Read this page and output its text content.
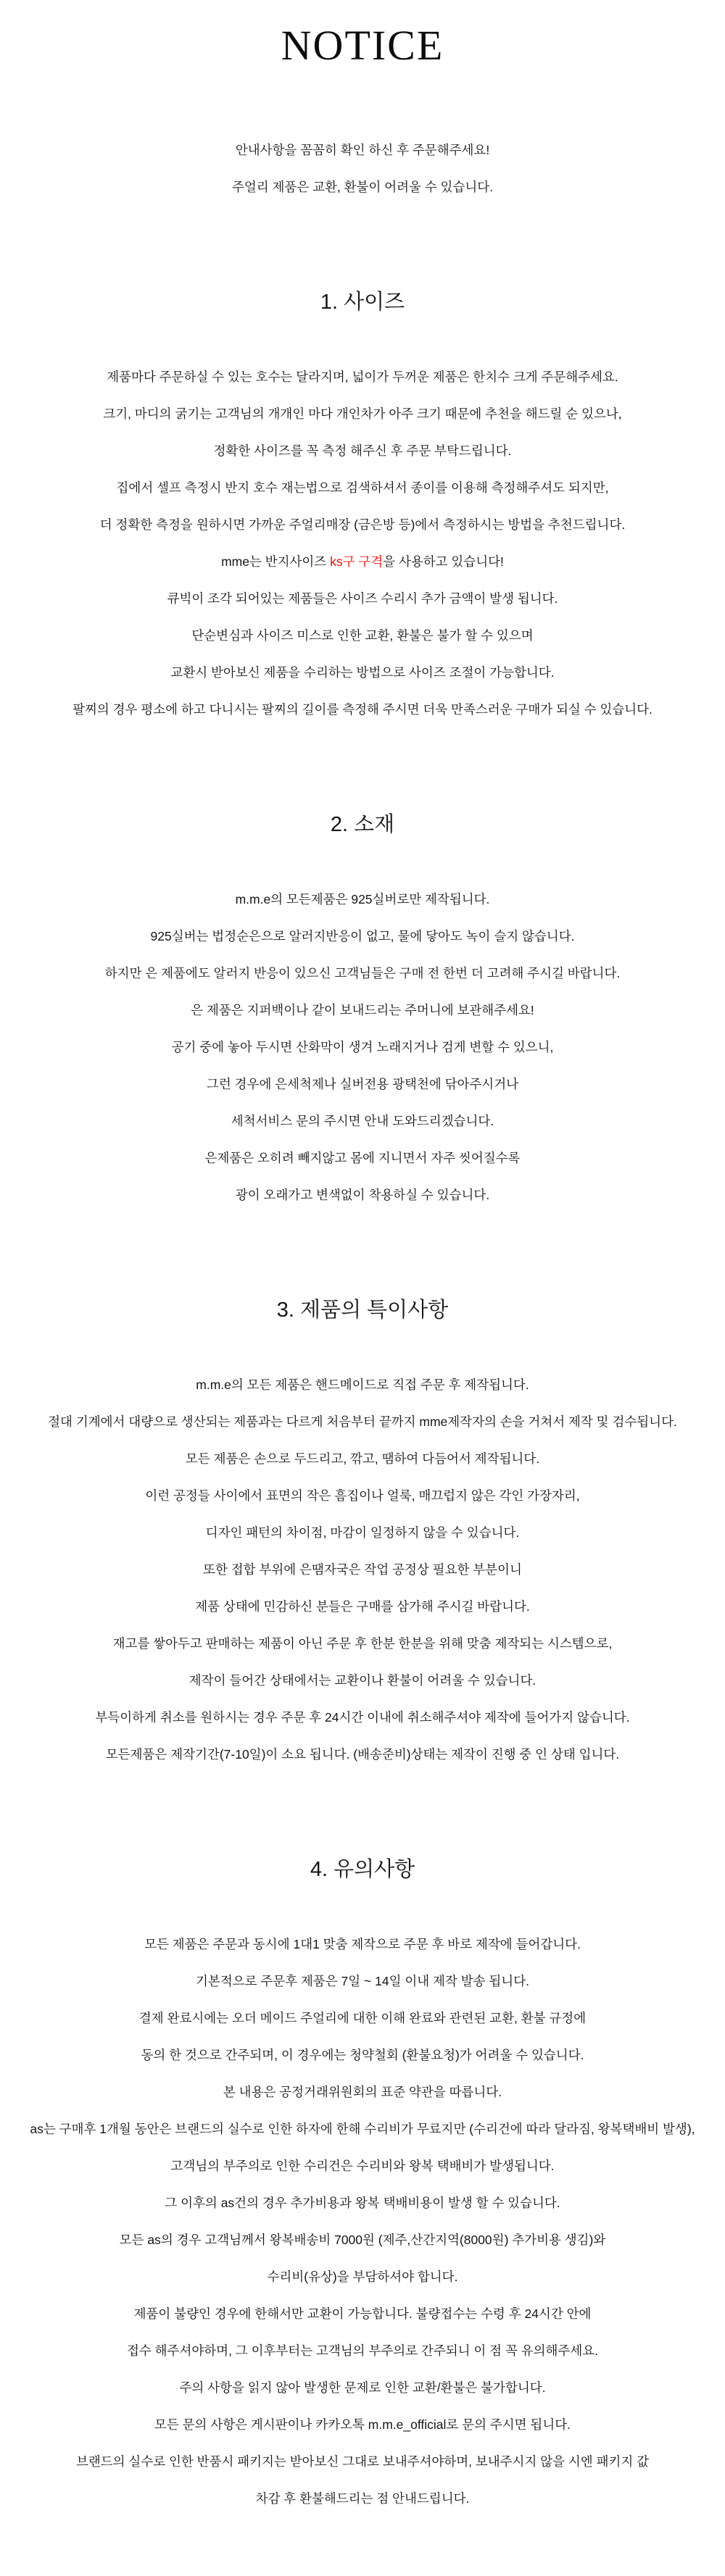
NOTICE

안내사항을 꼼꼼히 확인 하신 후 주문해주세요!

주얼리 제품은 교환, 환불이 어려울 수 있습니다.

1. 사이즈

제품마다 주문하실 수 있는 호수는 달라지며, 넓이가 두꺼운 제품은 한치수 크게 주문해주세요.

크기, 마디의 굵기는 고객님의 개개인 마다 개인차가 아주 크기 때문에 추천을 해드릴 순 있으나,

정확한 사이즈를 꼭 측정 해주신 후 주문 부탁드립니다.

집에서 셀프 측정시 반지 호수 재는법으로 검색하셔서 종이를 이용해 측정해주셔도 되지만,

더 정확한 측정을 원하시면 가까운 주얼리매장 (금은방 등)에서 측정하시는 방법을 추천드립니다.

mme는 반지사이즈 ks구 구격을 사용하고 있습니다!

큐빅이 조각 되어있는 제품들은 사이즈 수리시 추가 금액이 발생 됩니다.

단순변심과 사이즈 미스로 인한 교환, 환불은 불가 할 수 있으며

교환시 받아보신 제품을 수리하는 방법으로 사이즈 조절이 가능합니다.

팔찌의 경우 평소에 하고 다니시는 팔찌의 길이를 측정해 주시면 더욱 만족스러운 구매가 되실 수 있습니다.

2. 소재

m.m.e의 모든제품은 925실버로만 제작됩니다.

925실버는 법정순은으로 알러지반응이 없고, 물에 닿아도 녹이 슬지 않습니다.

하지만 은 제품에도 알러지 반응이 있으신 고객님들은 구매 전 한번 더 고려해 주시길 바랍니다.

은 제품은 지퍼백이나 같이 보내드리는 주머니에 보관해주세요!

공기 중에 놓아 두시면 산화막이 생겨 노래지거나 검게 변할 수 있으니,

그런 경우에 은세척제나 실버전용 광택천에 닦아주시거나

세척서비스 문의 주시면 안내 도와드리겠습니다.

은제품은 오히려 빼지않고 몸에 지니면서 자주 씻어질수록

광이 오래가고 변색없이 착용하실 수 있습니다.

3. 제품의 특이사항

m.m.e의 모든 제품은 핸드메이드로 직접 주문 후 제작됩니다.

절대 기계에서 대량으로 생산되는 제품과는 다르게 처음부터 끝까지 mme제작자의 손을 거쳐서 제작 및 검수됩니다.

모든 제품은 손으로 두드리고, 깎고, 땜하여 다듬어서 제작됩니다.

이런 공정들 사이에서 표면의 작은 흠집이나 얼룩, 매끄럽지 않은 각인 가장자리,

디자인 패턴의 차이점, 마감이 일정하지 않을 수 있습니다.

또한 접합 부위에 은땜자국은 작업 공정상 필요한 부분이니

제품 상태에 민감하신 분들은 구매를 삼가해 주시길 바랍니다.

재고를 쌓아두고 판매하는 제품이 아닌 주문 후 한분 한분을 위해 맞춤 제작되는 시스템으로,

제작이 들어간 상태에서는 교환이나 환불이 어려울 수 있습니다.

부득이하게 취소를 원하시는 경우 주문 후 24시간 이내에 취소해주셔야 제작에 들어가지 않습니다.

모든제품은 제작기간(7-10일)이 소요 됩니다. (배송준비)상태는 제작이 진행 중 인 상태 입니다.

4. 유의사항

모든 제품은 주문과 동시에 1대1 맞춤 제작으로 주문 후 바로 제작에 들어갑니다.

기본적으로 주문후 제품은 7일 ~ 14일 이내 제작 발송 됩니다.

결제 완료시에는 오더 메이드 주얼리에 대한 이해 완료와 관련된 교환, 환불 규정에

동의 한 것으로 간주되며, 이 경우에는 청약철회 (환불요청)가 어려울 수 있습니다.

본 내용은 공정거래위원회의 표준 약관을 따릅니다.

as는 구매후 1개월 동안은 브랜드의 실수로 인한 하자에 한해 수리비가 무료지만 (수리건에 따라 달라짐, 왕복택배비 발생),

고객님의 부주의로 인한 수리건은 수리비와 왕복 택배비가 발생됩니다.

그 이후의 as건의 경우 추가비용과 왕복 택배비용이 발생 할 수 있습니다.

모든 as의 경우 고객님께서 왕복배송비 7000원 (제주,산간지역(8000원) 추가비용 생김)와

수리비(유상)을 부담하셔야 합니다.

제품이 불량인 경우에 한해서만 교환이 가능합니다. 불량접수는 수령 후 24시간 안에

접수 해주셔야하며, 그 이후부터는 고객님의 부주의로 간주되니 이 점 꼭 유의해주세요.

주의 사항을 읽지 않아 발생한 문제로 인한 교환/환불은 불가합니다.

모든 문의 사항은 게시판이나 카카오톡 m.m.e_official로 문의 주시면 됩니다.

브랜드의 실수로 인한 반품시 패키지는 받아보신 그대로 보내주셔야하며, 보내주시지 않을 시엔 패키지 값

차감 후 환불해드리는 점 안내드립니다.
